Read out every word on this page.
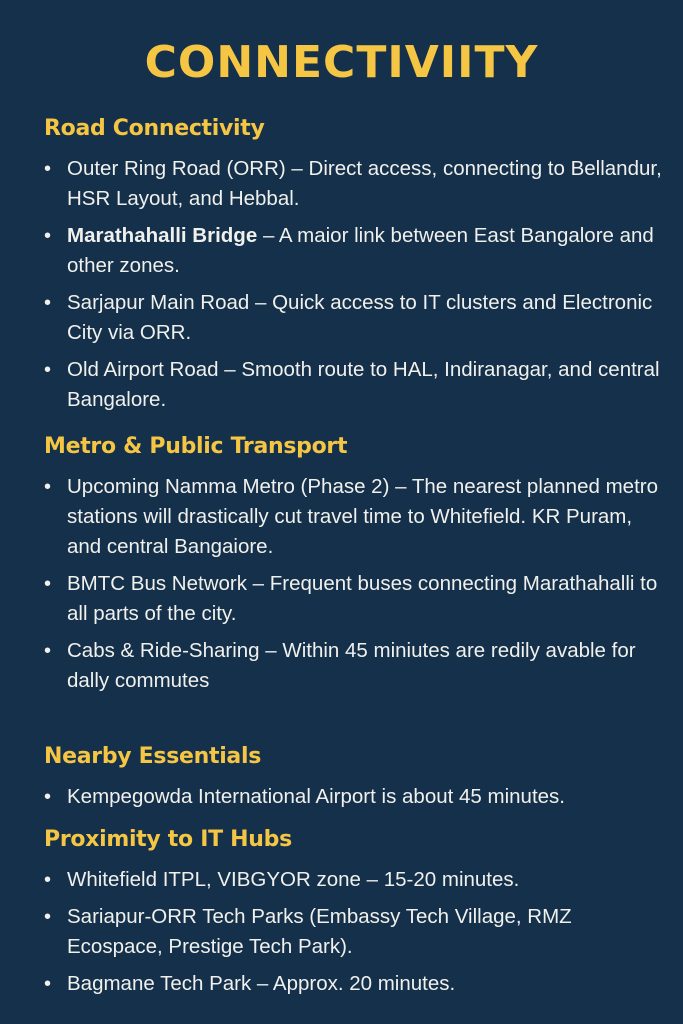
CONNECTIVIITY
Road Connectivity
• Outer Ring Road (ORR) – Direct access, connecting to Bellandur, HSR Layout, and Hebbal.
• Marathahalli Bridge – A maior link between East Bangalore and other zones.
• Sarjapur Main Road – Quick access to IT clusters and Electronic City via ORR.
• Old Airport Road – Smooth route to HAL, Indiranagar, and central Bangalore.
Metro & Public Transport
• Upcoming Namma Metro (Phase 2) – The nearest planned metro stations will drastically cut travel time to Whitefield. KR Puram, and central Bangaiore.
• BMTC Bus Network – Frequent buses connecting Marathahalli to all parts of the city.
• Cabs & Ride-Sharing – Within 45 miniutes are redily avable for dally commutes
Nearby Essentials
• Kempegowda International Airport is about 45 minutes.
Proximity to IT Hubs
• Whitefield ITPL, VIBGYOR zone – 15-20 minutes.
• Sariapur-ORR Tech Parks (Embassy Tech Village, RMZ Ecospace, Prestige Tech Park).
• Bagmane Tech Park – Approx. 20 minutes.
